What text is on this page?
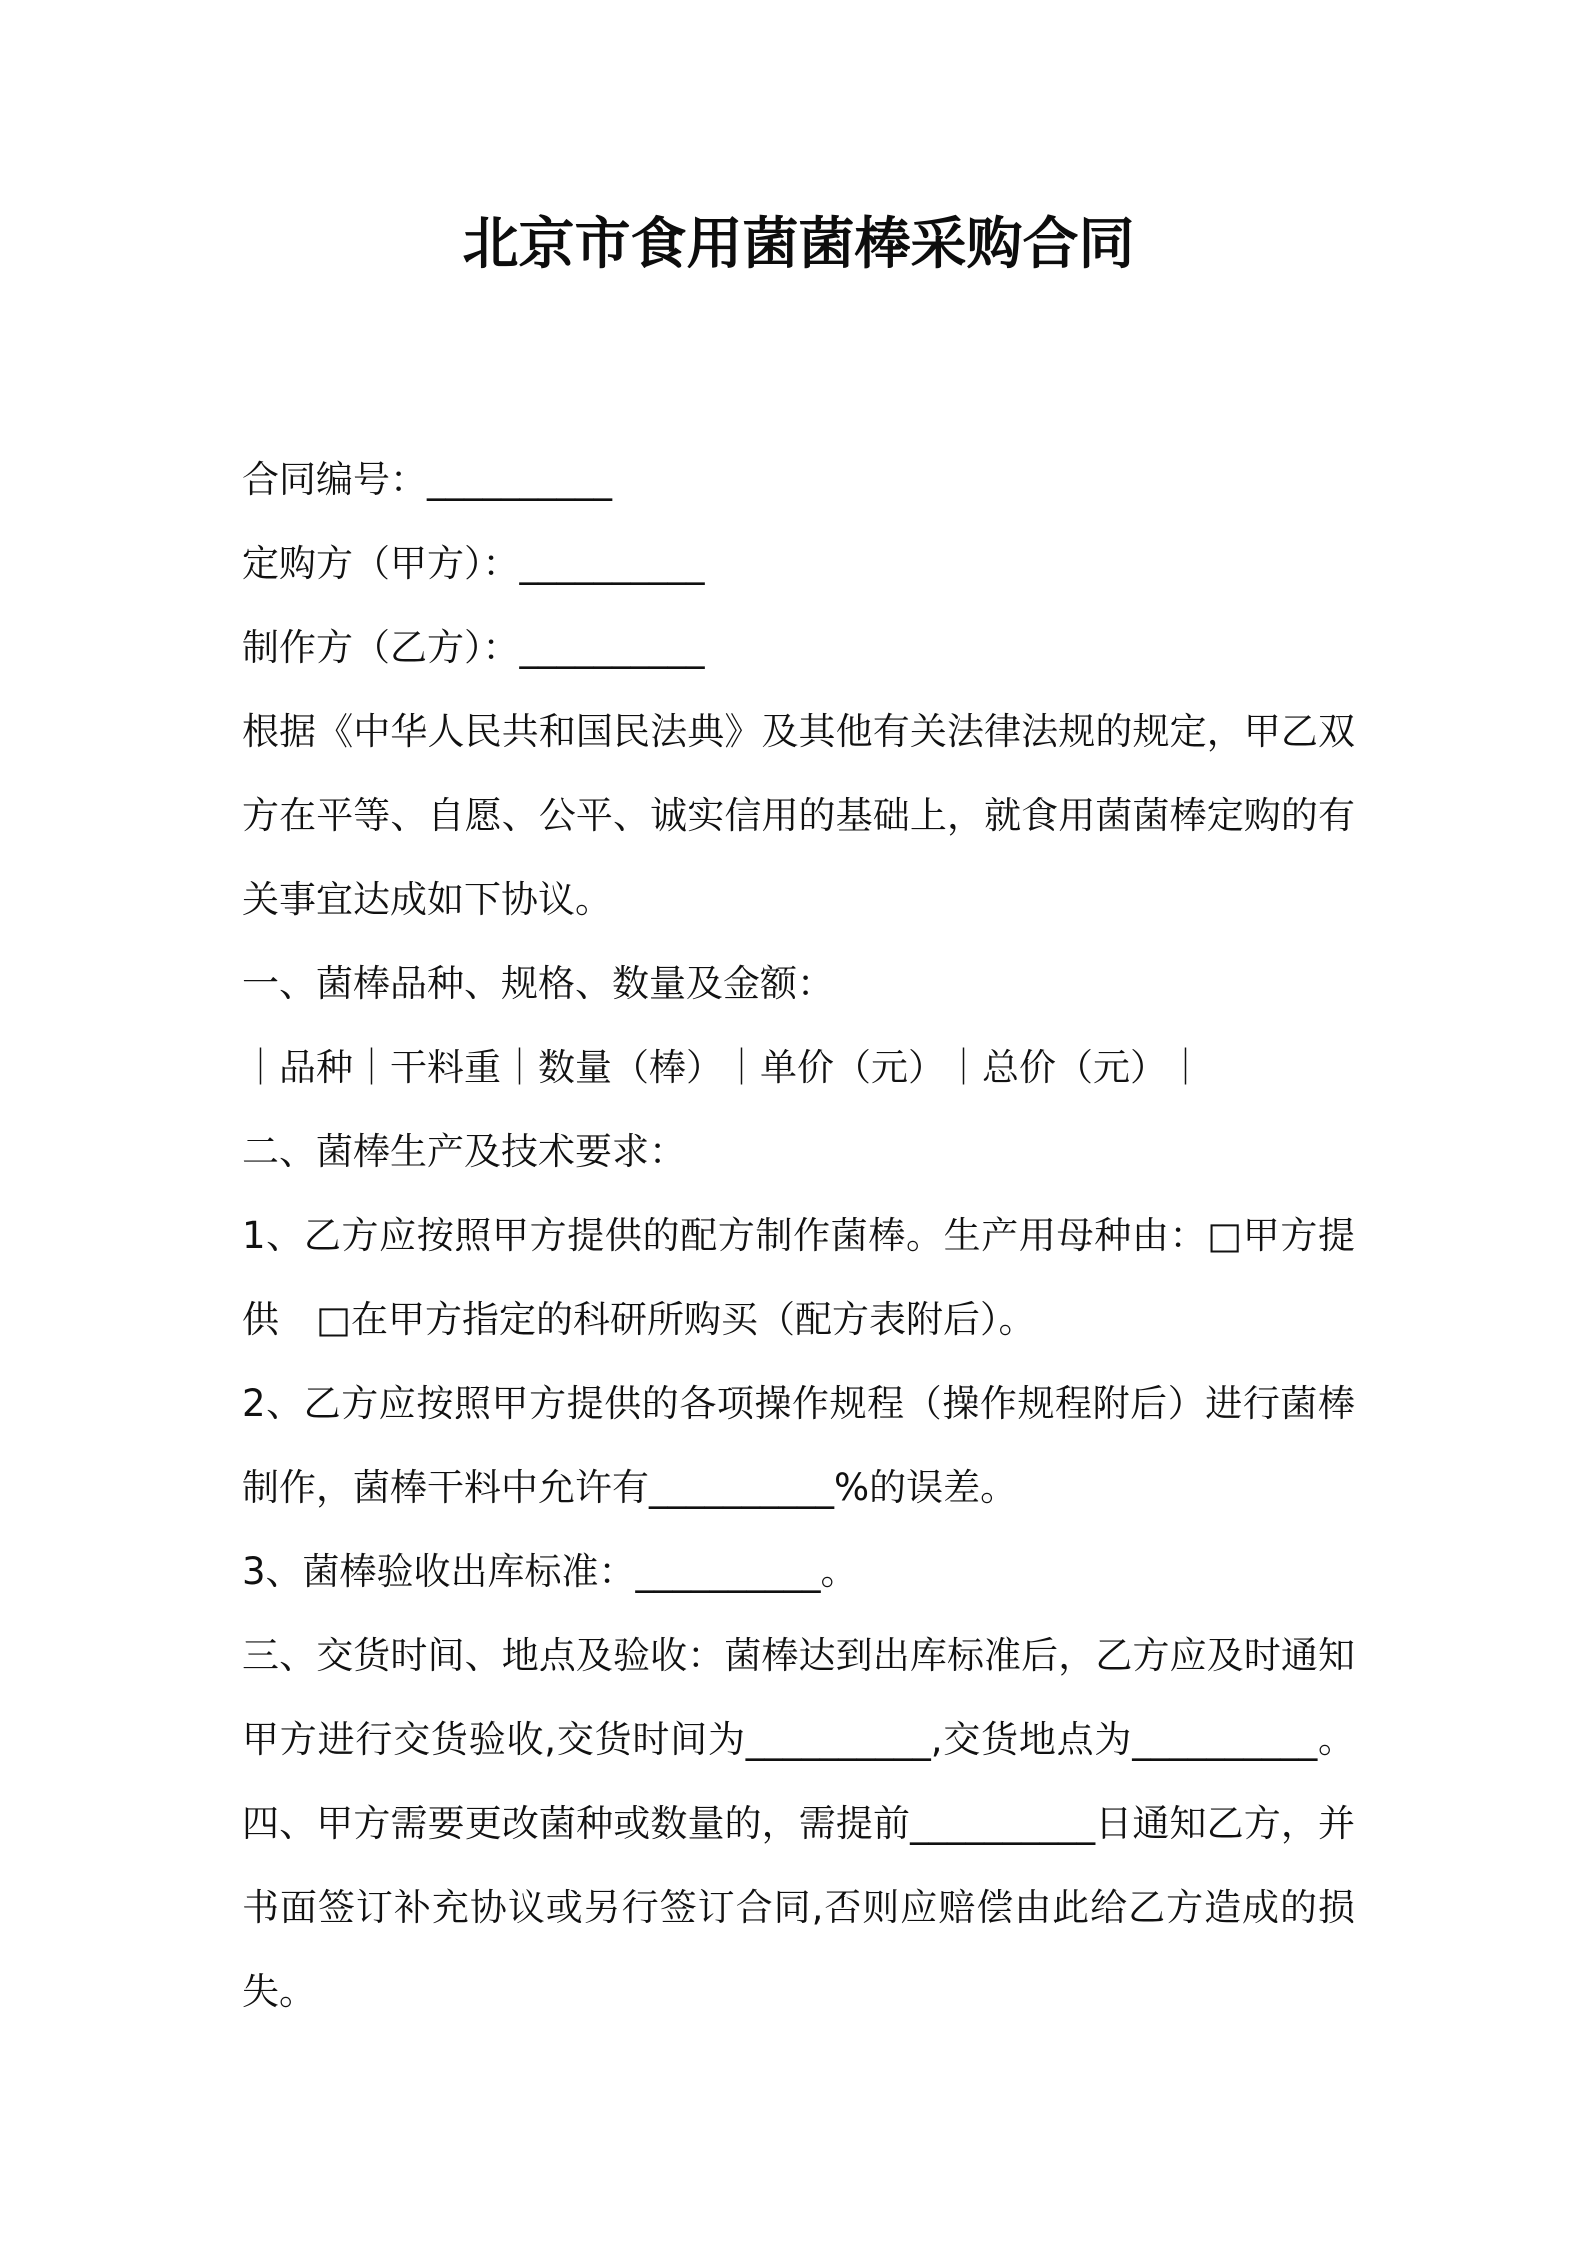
北京市食用菌菌棒采购合同
合同编号：__________
定购方（甲方）：__________
制作方（乙方）：__________
根据《中华人民共和国民法典》及其他有关法律法规的规定，甲乙双
方在平等、自愿、公平、诚实信用的基础上，就食用菌菌棒定购的有
关事宜达成如下协议。
一、菌棒品种、规格、数量及金额：
｜品种｜干料重｜数量（棒）｜单价（元）｜总价（元）｜
二、菌棒生产及技术要求：
1、乙方应按照甲方提供的配方制作菌棒。生产用母种由：□甲方提
供　□在甲方指定的科研所购买（配方表附后）。
2、乙方应按照甲方提供的各项操作规程（操作规程附后）进行菌棒
制作，菌棒干料中允许有__________%的误差。
3、菌棒验收出库标准：__________。
三、交货时间、地点及验收：菌棒达到出库标准后，乙方应及时通知
甲方进行交货验收,交货时间为__________,交货地点为__________。
四、甲方需要更改菌种或数量的，需提前__________日通知乙方，并
书面签订补充协议或另行签订合同,否则应赔偿由此给乙方造成的损
失。
